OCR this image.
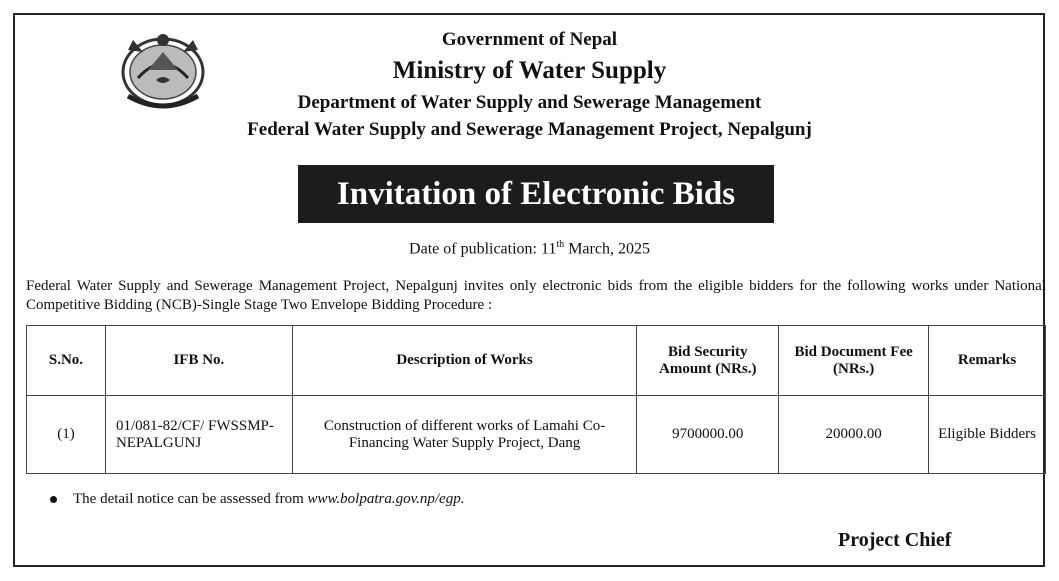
Government of Nepal
Ministry of Water Supply
Department of Water Supply and Sewerage Management
Federal Water Supply and Sewerage Management Project, Nepalgunj
Invitation of Electronic Bids
Date of publication: 11th March, 2025
Federal Water Supply and Sewerage Management Project, Nepalgunj invites only electronic bids from the eligible bidders for the following works under National Competitive Bidding (NCB)-Single Stage Two Envelope Bidding Procedure :
S.No.	IFB No.	Description of Works	Bid Security Amount (NRs.)	Bid Document Fee (NRs.)	Remarks
(1)	01/081-82/CF/ FWSSMP-NEPALGUNJ	Construction of different works of Lamahi Co-Financing Water Supply Project, Dang	9700000.00	20000.00	Eligible Bidders
The detail notice can be assessed from www.bolpatra.gov.np/egp.
Project Chief
